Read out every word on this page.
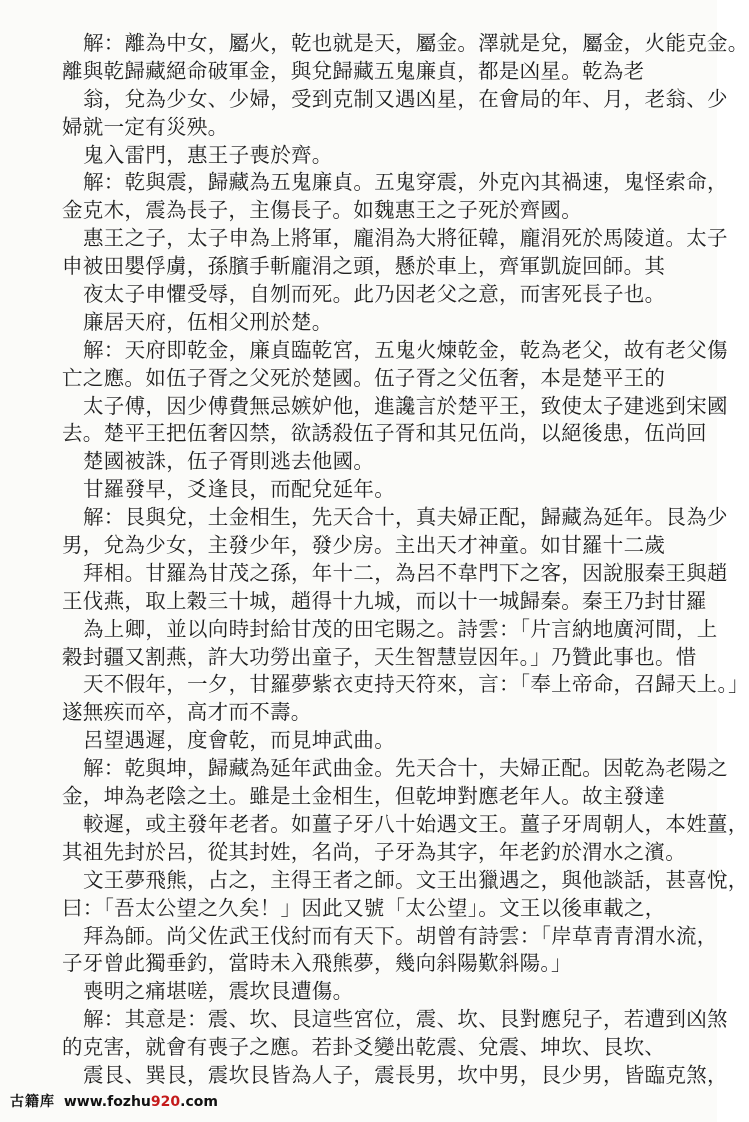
解：離為中女，屬火，乾也就是天，屬金。澤就是兌，屬金，火能克金。
離與乾歸藏絕命破軍金，與兌歸藏五鬼廉貞，都是凶星。乾為老
翁，兌為少女、少婦，受到克制又遇凶星，在會局的年、月，老翁、少
婦就一定有災殃。
鬼入雷門，惠王子喪於齊。
解：乾與震，歸藏為五鬼廉貞。五鬼穿震，外克內其禍速，鬼怪索命，
金克木，震為長子，主傷長子。如魏惠王之子死於齊國。
惠王之子，太子申為上將軍，龐涓為大將征韓，龐涓死於馬陵道。太子
申被田嬰俘虜，孫臏手斬龐涓之頭，懸於車上，齊軍凱旋回師。其
夜太子申懼受辱，自刎而死。此乃因老父之意，而害死長子也。
廉居天府，伍相父刑於楚。
解：天府即乾金，廉貞臨乾宮，五鬼火煉乾金，乾為老父，故有老父傷
亡之應。如伍子胥之父死於楚國。伍子胥之父伍奢，本是楚平王的
太子傅，因少傅費無忌嫉妒他，進讒言於楚平王，致使太子建逃到宋國
去。楚平王把伍奢囚禁，欲誘殺伍子胥和其兄伍尚，以絕後患，伍尚回
楚國被誅，伍子胥則逃去他國。
甘羅發早，爻逢艮，而配兌延年。
解：艮與兌，土金相生，先天合十，真夫婦正配，歸藏為延年。艮為少
男，兌為少女，主發少年，發少房。主出天才神童。如甘羅十二歲
拜相。甘羅為甘茂之孫，年十二，為呂不韋門下之客，因說服秦王與趙
王伐燕，取上穀三十城，趙得十九城，而以十一城歸秦。秦王乃封甘羅
為上卿，並以向時封給甘茂的田宅賜之。詩雲：「片言納地廣河間，上
穀封疆又割燕，許大功勞出童子，天生智慧豈因年。」乃贊此事也。惜
天不假年，一夕，甘羅夢紫衣吏持天符來，言：「奉上帝命，召歸天上。」
遂無疾而卒，高才而不壽。
呂望遇遲，度會乾，而見坤武曲。
解：乾與坤，歸藏為延年武曲金。先天合十，夫婦正配。因乾為老陽之
金，坤為老陰之土。雖是土金相生，但乾坤對應老年人。故主發達
較遲，或主發年老者。如薑子牙八十始遇文王。薑子牙周朝人，本姓薑，
其祖先封於呂，從其封姓，名尚，子牙為其字，年老釣於渭水之濱。
文王夢飛熊，占之，主得王者之師。文王出獵遇之，與他談話，甚喜悅，
曰：「吾太公望之久矣！」因此又號「太公望」。文王以後車載之，
拜為師。尚父佐武王伐紂而有天下。胡曾有詩雲：「岸草青青渭水流，
子牙曾此獨垂釣，當時未入飛熊夢，幾向斜陽歎斜陽。」
喪明之痛堪嗟，震坎艮遭傷。
解：其意是：震、坎、艮這些宮位，震、坎、艮對應兒子，若遭到凶煞
的克害，就會有喪子之應。若卦爻變出乾震、兌震、坤坎、艮坎、
震艮、巽艮，震坎艮皆為人子，震長男，坎中男，艮少男，皆臨克煞，
古籍库 www.fozhu920.com
